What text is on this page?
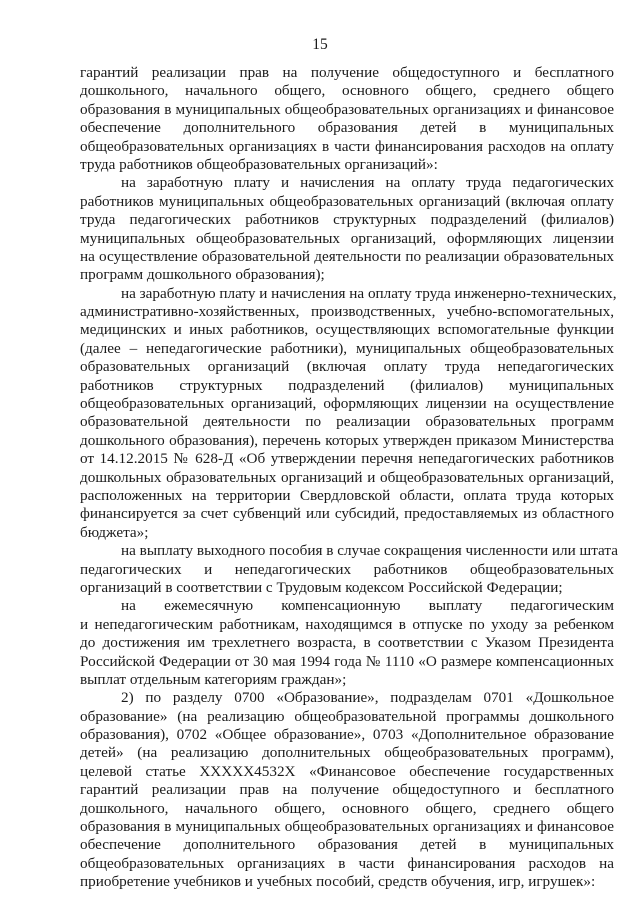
15
гарантий реализации прав на получение общедоступного и бесплатного
дошкольного, начального общего, основного общего, среднего общего
образования в муниципальных общеобразовательных организациях и финансовое
обеспечение дополнительного образования детей в муниципальных
общеобразовательных организациях в части финансирования расходов на оплату
труда работников общеобразовательных организаций»:
на заработную плату и начисления на оплату труда педагогических
работников муниципальных общеобразовательных организаций (включая оплату
труда педагогических работников структурных подразделений (филиалов)
муниципальных общеобразовательных организаций, оформляющих лицензии
на осуществление образовательной деятельности по реализации образовательных
программ дошкольного образования);
на заработную плату и начисления на оплату труда инженерно-технических,
административно-хозяйственных, производственных, учебно-вспомогательных,
медицинских и иных работников, осуществляющих вспомогательные функции
(далее – непедагогические работники), муниципальных общеобразовательных
образовательных организаций (включая оплату труда непедагогических
работников структурных подразделений (филиалов) муниципальных
общеобразовательных организаций, оформляющих лицензии на осуществление
образовательной деятельности по реализации образовательных программ
дошкольного образования), перечень которых утвержден приказом Министерства
от 14.12.2015 № 628-Д «Об утверждении перечня непедагогических работников
дошкольных образовательных организаций и общеобразовательных организаций,
расположенных на территории Свердловской области, оплата труда которых
финансируется за счет субвенций или субсидий, предоставляемых из областного
бюджета»;
на выплату выходного пособия в случае сокращения численности или штата
педагогических и непедагогических работников общеобразовательных
организаций в соответствии с Трудовым кодексом Российской Федерации;
на ежемесячную компенсационную выплату педагогическим
и непедагогическим работникам, находящимся в отпуске по уходу за ребенком
до достижения им трехлетнего возраста, в соответствии с Указом Президента
Российской Федерации от 30 мая 1994 года № 1110 «О размере компенсационных
выплат отдельным категориям граждан»;
2) по разделу 0700 «Образование», подразделам 0701 «Дошкольное
образование» (на реализацию общеобразовательной программы дошкольного
образования), 0702 «Общее образование», 0703 «Дополнительное образование
детей» (на реализацию дополнительных общеобразовательных программ),
целевой статье XXXXX4532X «Финансовое обеспечение государственных
гарантий реализации прав на получение общедоступного и бесплатного
дошкольного, начального общего, основного общего, среднего общего
образования в муниципальных общеобразовательных организациях и финансовое
обеспечение дополнительного образования детей в муниципальных
общеобразовательных организациях в части финансирования расходов на
приобретение учебников и учебных пособий, средств обучения, игр, игрушек»:
